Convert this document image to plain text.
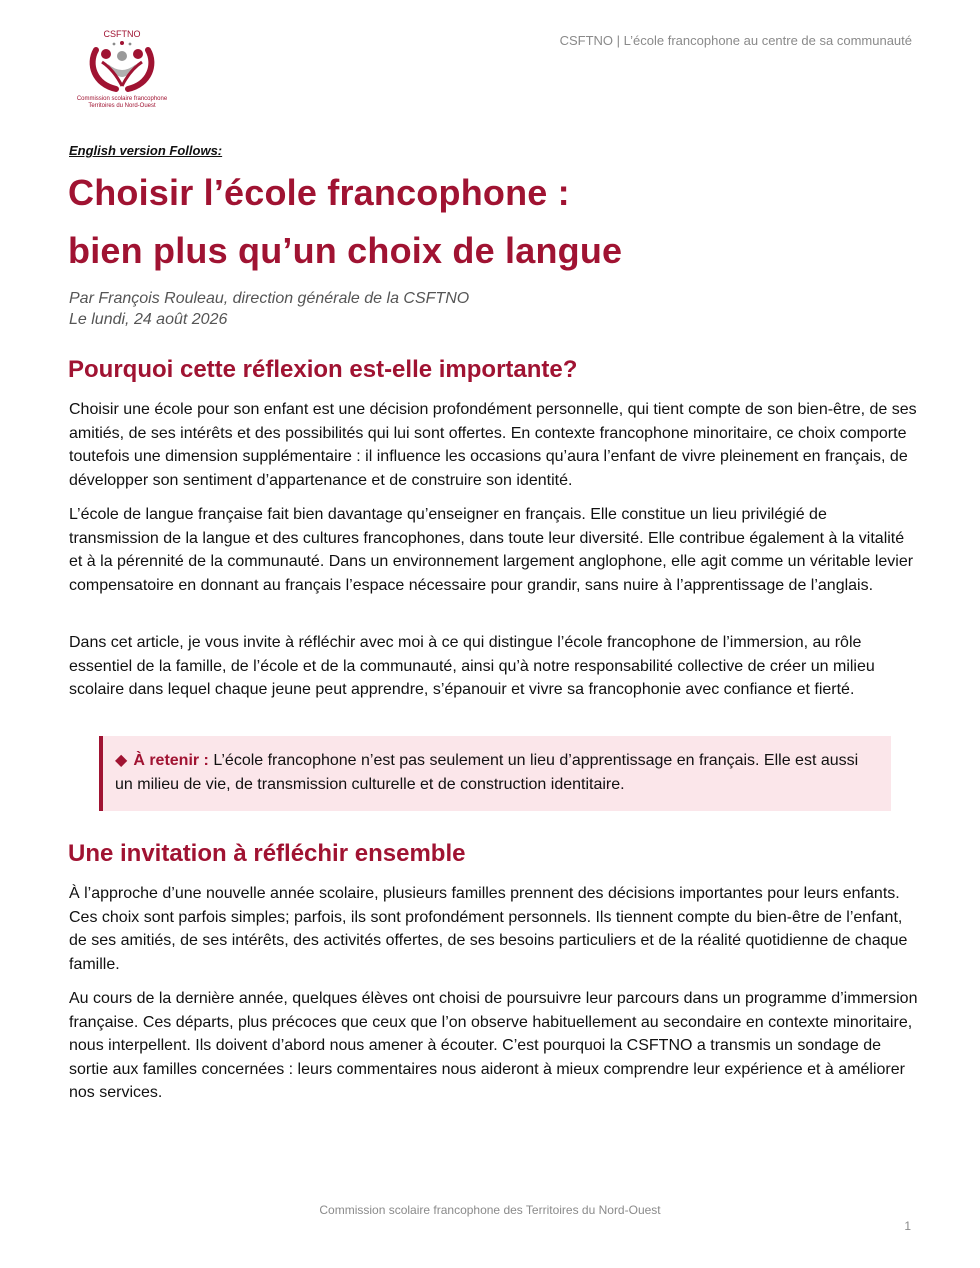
CSFTNO | L’école francophone au centre de sa communauté
CSFTNO
Commission scolaire francophone
Territoires du Nord-Ouest
English version Follows:
Choisir l’école francophone :
bien plus qu’un choix de langue
Par François Rouleau, direction générale de la CSFTNO
Le lundi, 24 août 2026
Pourquoi cette réflexion est-elle importante?

Choisir une école pour son enfant est une décision profondément personnelle, qui tient compte de son bien-être, de ses amitiés, de ses intérêts et des possibilités qui lui sont offertes. En contexte francophone minoritaire, ce choix comporte toutefois une dimension supplémentaire : il influence les occasions qu’aura l’enfant de vivre pleinement en français, de développer son sentiment d’appartenance et de construire son identité.

L’école de langue française fait bien davantage qu’enseigner en français. Elle constitue un lieu privilégié de transmission de la langue et des cultures francophones, dans toute leur diversité. Elle contribue également à la vitalité et à la pérennité de la communauté. Dans un environnement largement anglophone, elle agit comme un véritable levier compensatoire en donnant au français l’espace nécessaire pour grandir, sans nuire à l’apprentissage de l’anglais.

Dans cet article, je vous invite à réfléchir avec moi à ce qui distingue l’école francophone de l’immersion, au rôle essentiel de la famille, de l’école et de la communauté, ainsi qu’à notre responsabilité collective de créer un milieu scolaire dans lequel chaque jeune peut apprendre, s’épanouir et vivre sa francophonie avec confiance et fierté.

◆ À retenir : L’école francophone n’est pas seulement un lieu d’apprentissage en français. Elle est aussi un milieu de vie, de transmission culturelle et de construction identitaire.
Une invitation à réfléchir ensemble

À l’approche d’une nouvelle année scolaire, plusieurs familles prennent des décisions importantes pour leurs enfants. Ces choix sont parfois simples; parfois, ils sont profondément personnels. Ils tiennent compte du bien-être de l’enfant, de ses amitiés, de ses intérêts, des activités offertes, de ses besoins particuliers et de la réalité quotidienne de chaque famille.

Au cours de la dernière année, quelques élèves ont choisi de poursuivre leur parcours dans un programme d’immersion française. Ces départs, plus précoces que ceux que l’on observe habituellement au secondaire en contexte minoritaire, nous interpellent. Ils doivent d’abord nous amener à écouter. C’est pourquoi la CSFTNO a transmis un sondage de sortie aux familles concernées : leurs commentaires nous aideront à mieux comprendre leur expérience et à améliorer nos services.

Commission scolaire francophone des Territoires du Nord-Ouest
1
